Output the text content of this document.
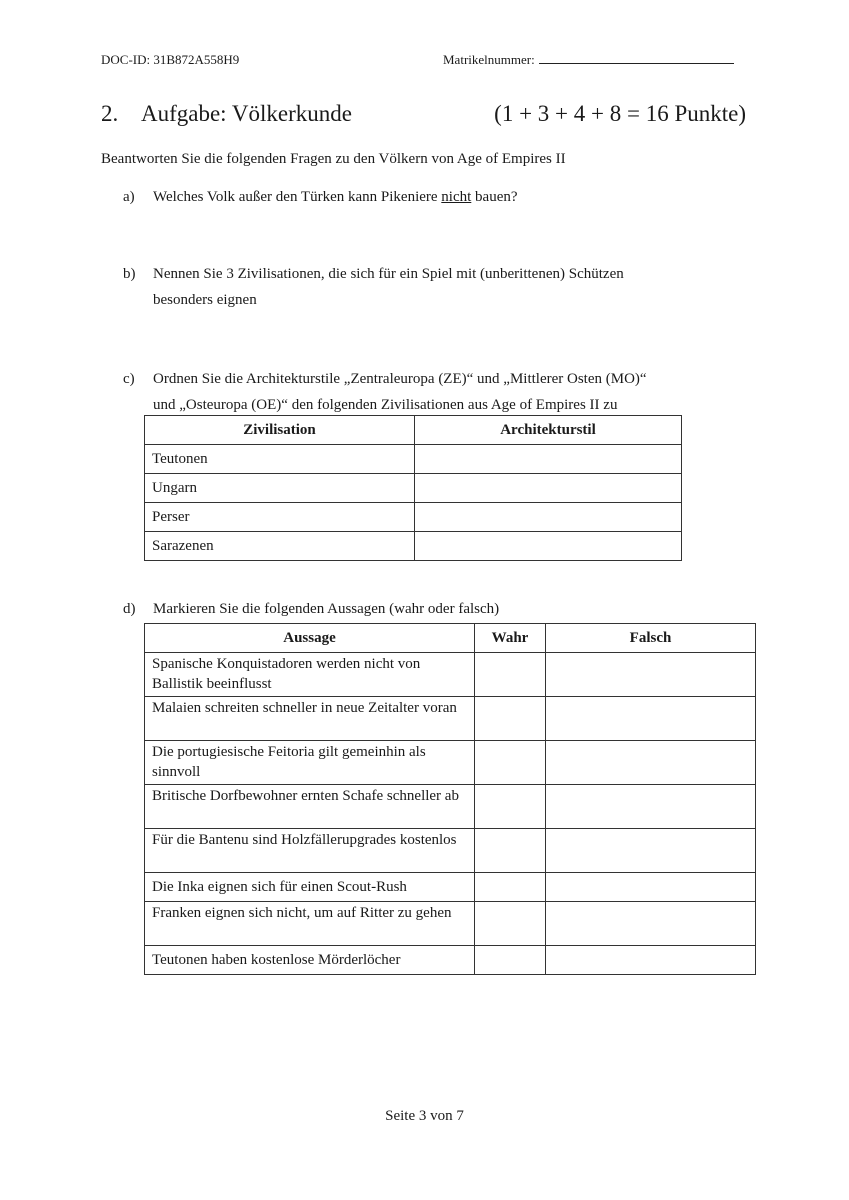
DOC-ID: 31B872A558H9	Matrikelnummer:
2. Aufgabe: Völkerkunde	(1 + 3 + 4 + 8 = 16 Punkte)
Beantworten Sie die folgenden Fragen zu den Völkern von Age of Empires II
a) Welches Volk außer den Türken kann Pikeniere nicht bauen?
b) Nennen Sie 3 Zivilisationen, die sich für ein Spiel mit (unberittenen) Schützen
besonders eignen
c) Ordnen Sie die Architekturstile „Zentraleuropa (ZE)“ und „Mittlerer Osten (MO)“
und „Osteuropa (OE)“ den folgenden Zivilisationen aus Age of Empires II zu
Zivilisation	Architekturstil
Teutonen	
Ungarn	
Perser	
Sarazenen	
d) Markieren Sie die folgenden Aussagen (wahr oder falsch)
Aussage	Wahr	Falsch
Spanische Konquistadoren werden nicht von Ballistik beeinflusst		
Malaien schreiten schneller in neue Zeitalter voran		
Die portugiesische Feitoria gilt gemeinhin als sinnvoll		
Britische Dorfbewohner ernten Schafe schneller ab		
Für die Bantenu sind Holzfällerupgrades kostenlos		
Die Inka eignen sich für einen Scout-Rush		
Franken eignen sich nicht, um auf Ritter zu gehen		
Teutonen haben kostenlose Mörderlöcher		
Seite 3 von 7
